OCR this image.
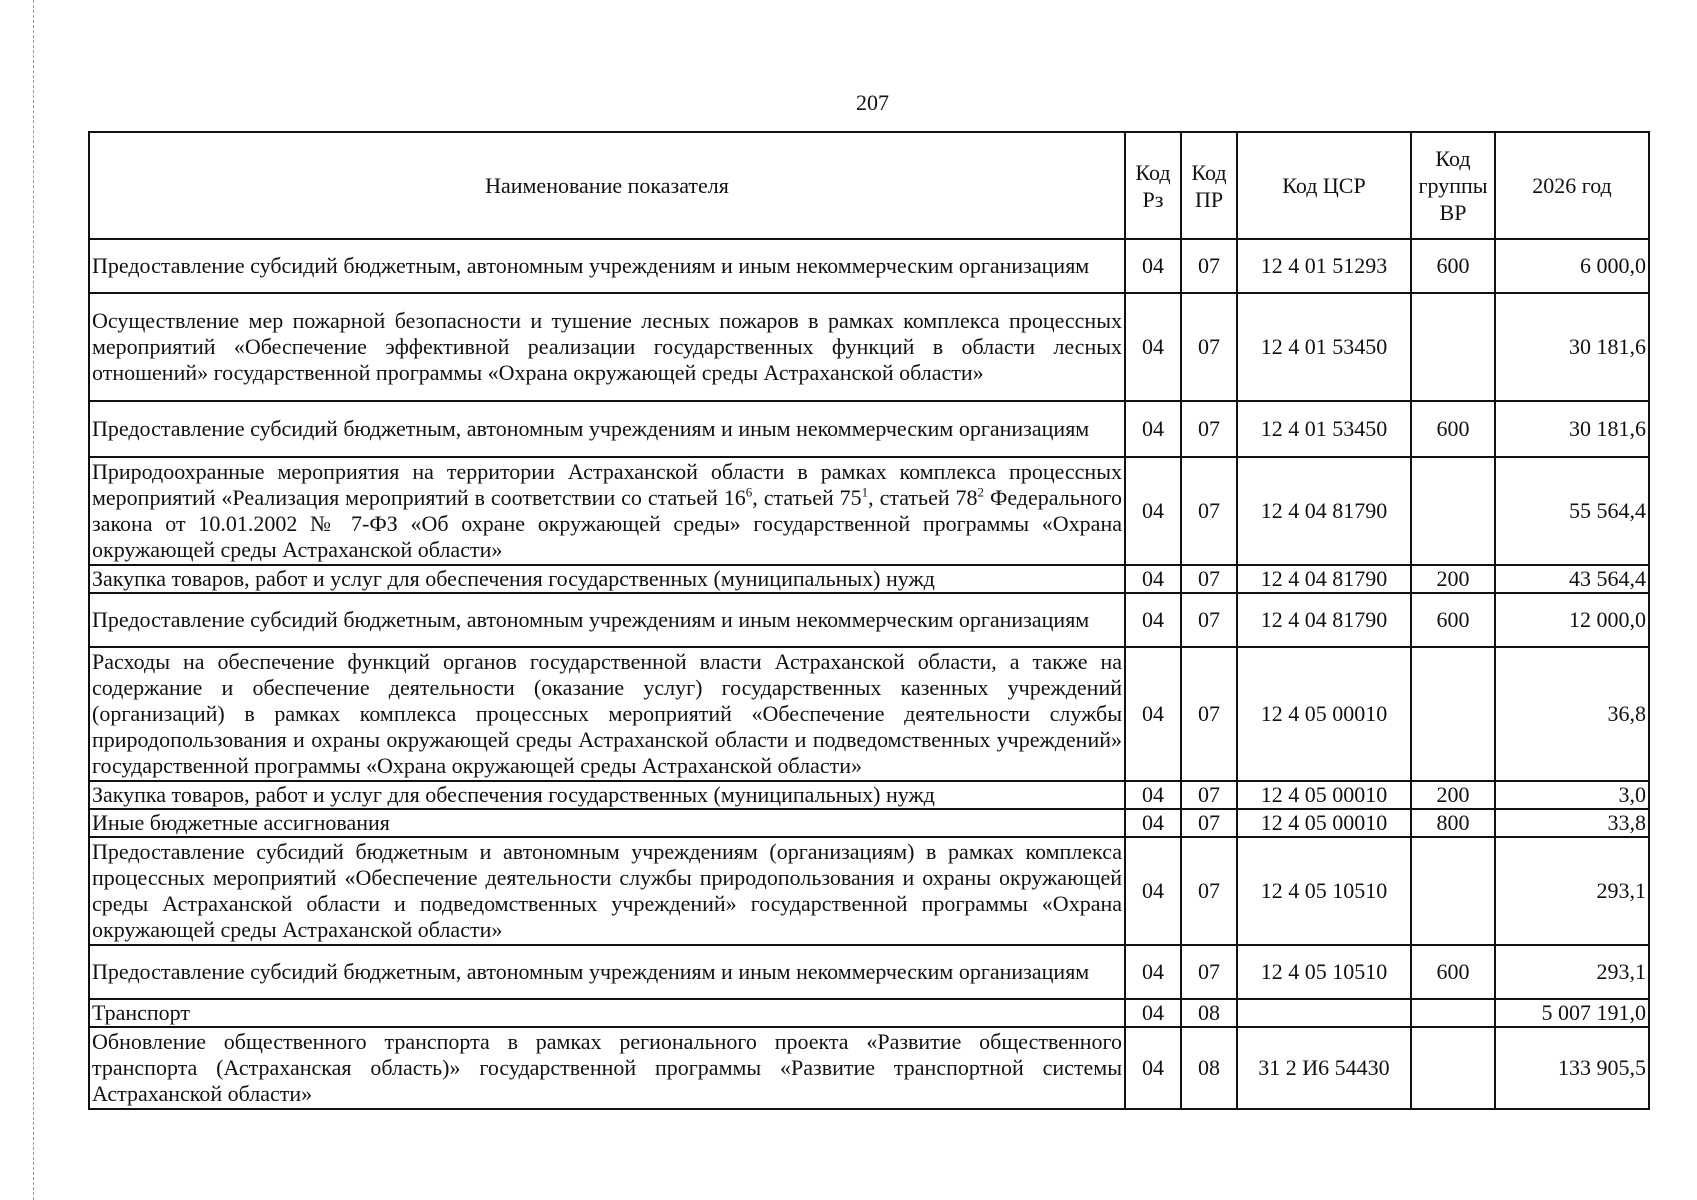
207
Наименование показателя	Код Рз	Код ПР	Код ЦСР	Код группы ВР	2026 год
Предоставление субсидий бюджетным, автономным учреждениям и иным некоммерческим организациям	04	07	12 4 01 51293	600	6 000,0
Осуществление мер пожарной безопасности и тушение лесных пожаров в рамках комплекса процессных мероприятий «Обеспечение эффективной реализации государственных функций в области лесных отношений» государственной программы «Охрана окружающей среды Астраханской области»	04	07	12 4 01 53450		30 181,6
Предоставление субсидий бюджетным, автономным учреждениям и иным некоммерческим организациям	04	07	12 4 01 53450	600	30 181,6
Природоохранные мероприятия на территории Астраханской области в рамках комплекса процессных мероприятий «Реализация мероприятий в соответствии со статьей $16^6$, статьей $75^1$, статьей $78^2$ Федерального закона от 10.01.2002 № 7-ФЗ «Об охране окружающей среды» государственной программы «Охрана окружающей среды Астраханской области»	04	07	12 4 04 81790		55 564,4
Закупка товаров, работ и услуг для обеспечения государственных (муниципальных) нужд	04	07	12 4 04 81790	200	43 564,4
Предоставление субсидий бюджетным, автономным учреждениям и иным некоммерческим организациям	04	07	12 4 04 81790	600	12 000,0
Расходы на обеспечение функций органов государственной власти Астраханской области, а также на содержание и обеспечение деятельности (оказание услуг) государственных казенных учреждений (организаций) в рамках комплекса процессных мероприятий «Обеспечение деятельности службы природопользования и охраны окружающей среды Астраханской области и подведомственных учреждений» государственной программы «Охрана окружающей среды Астраханской области»	04	07	12 4 05 00010		36,8
Закупка товаров, работ и услуг для обеспечения государственных (муниципальных) нужд	04	07	12 4 05 00010	200	3,0
Иные бюджетные ассигнования	04	07	12 4 05 00010	800	33,8
Предоставление субсидий бюджетным и автономным учреждениям (организациям) в рамках комплекса процессных мероприятий «Обеспечение деятельности службы природопользования и охраны окружающей среды Астраханской области и подведомственных учреждений» государственной программы «Охрана окружающей среды Астраханской области»	04	07	12 4 05 10510		293,1
Предоставление субсидий бюджетным, автономным учреждениям и иным некоммерческим организациям	04	07	12 4 05 10510	600	293,1
Транспорт	04	08			5 007 191,0
Обновление общественного транспорта в рамках регионального проекта «Развитие общественного транспорта (Астраханская область)» государственной программы «Развитие транспортной системы Астраханской области»	04	08	31 2 И6 54430		133 905,5
